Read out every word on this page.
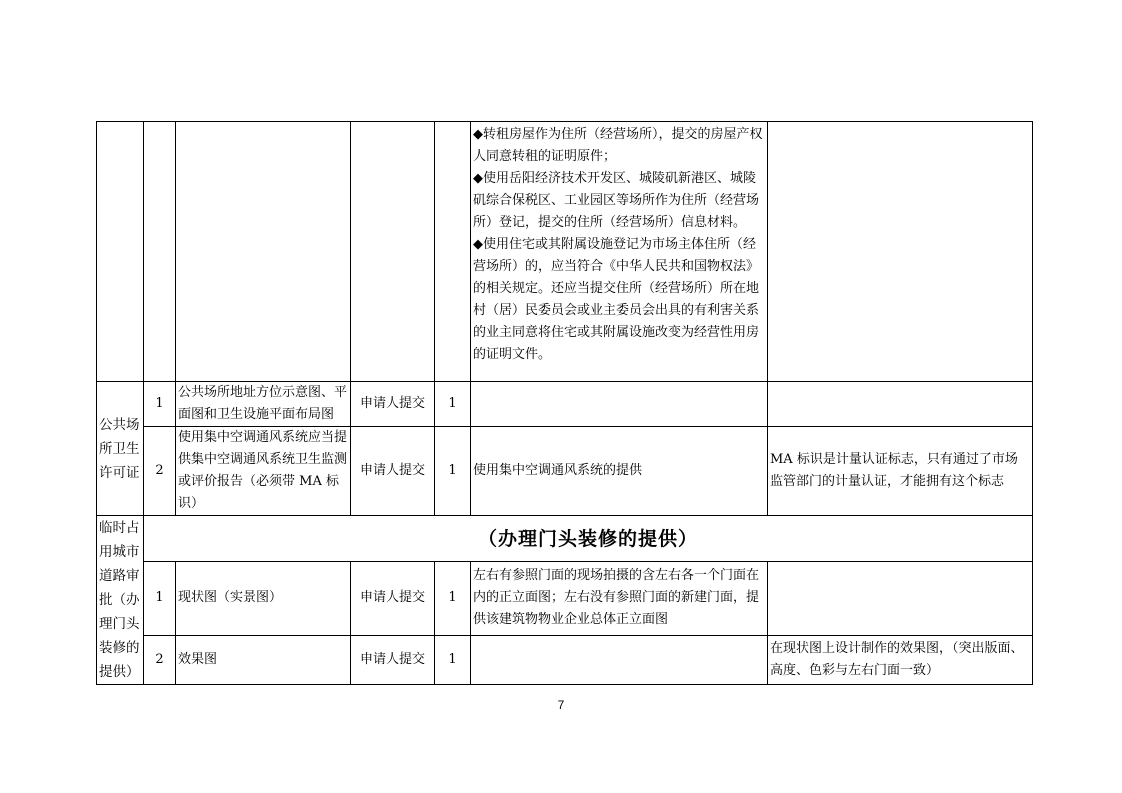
					◆转租房屋作为住所（经营场所），提交的房屋产权人同意转租的证明原件；
◆使用岳阳经济技术开发区、城陵矶新港区、城陵矶综合保税区、工业园区等场所作为住所（经营场所）登记，提交的住所（经营场所）信息材料。
◆使用住宅或其附属设施登记为市场主体住所（经营场所）的，应当符合《中华人民共和国物权法》的相关规定。还应当提交住所（经营场所）所在地村（居）民委员会或业主委员会出具的有利害关系的业主同意将住宅或其附属设施改变为经营性用房的证明文件。	

公共场所卫生许可证	1	公共场所地址方位示意图、平面图和卫生设施平面布局图	申请人提交	1		
	2	使用集中空调通风系统应当提供集中空调通风系统卫生监测或评价报告（必须带 MA 标识）	申请人提交	1	使用集中空调通风系统的提供	MA 标识是计量认证标志，只有通过了市场监管部门的计量认证，才能拥有这个标志
临时占用城市道路审批（办理门头装修的提供）	（办理门头装修的提供）					
	1	现状图（实景图）	申请人提交	1	左右有参照门面的现场拍摄的含左右各一个门面在内的正立面图；左右没有参照门面的新建门面，提供该建筑物物业企业总体正立面图	
	2	效果图	申请人提交	1		在现状图上设计制作的效果图，（突出版面、高度、色彩与左右门面一致）
7
